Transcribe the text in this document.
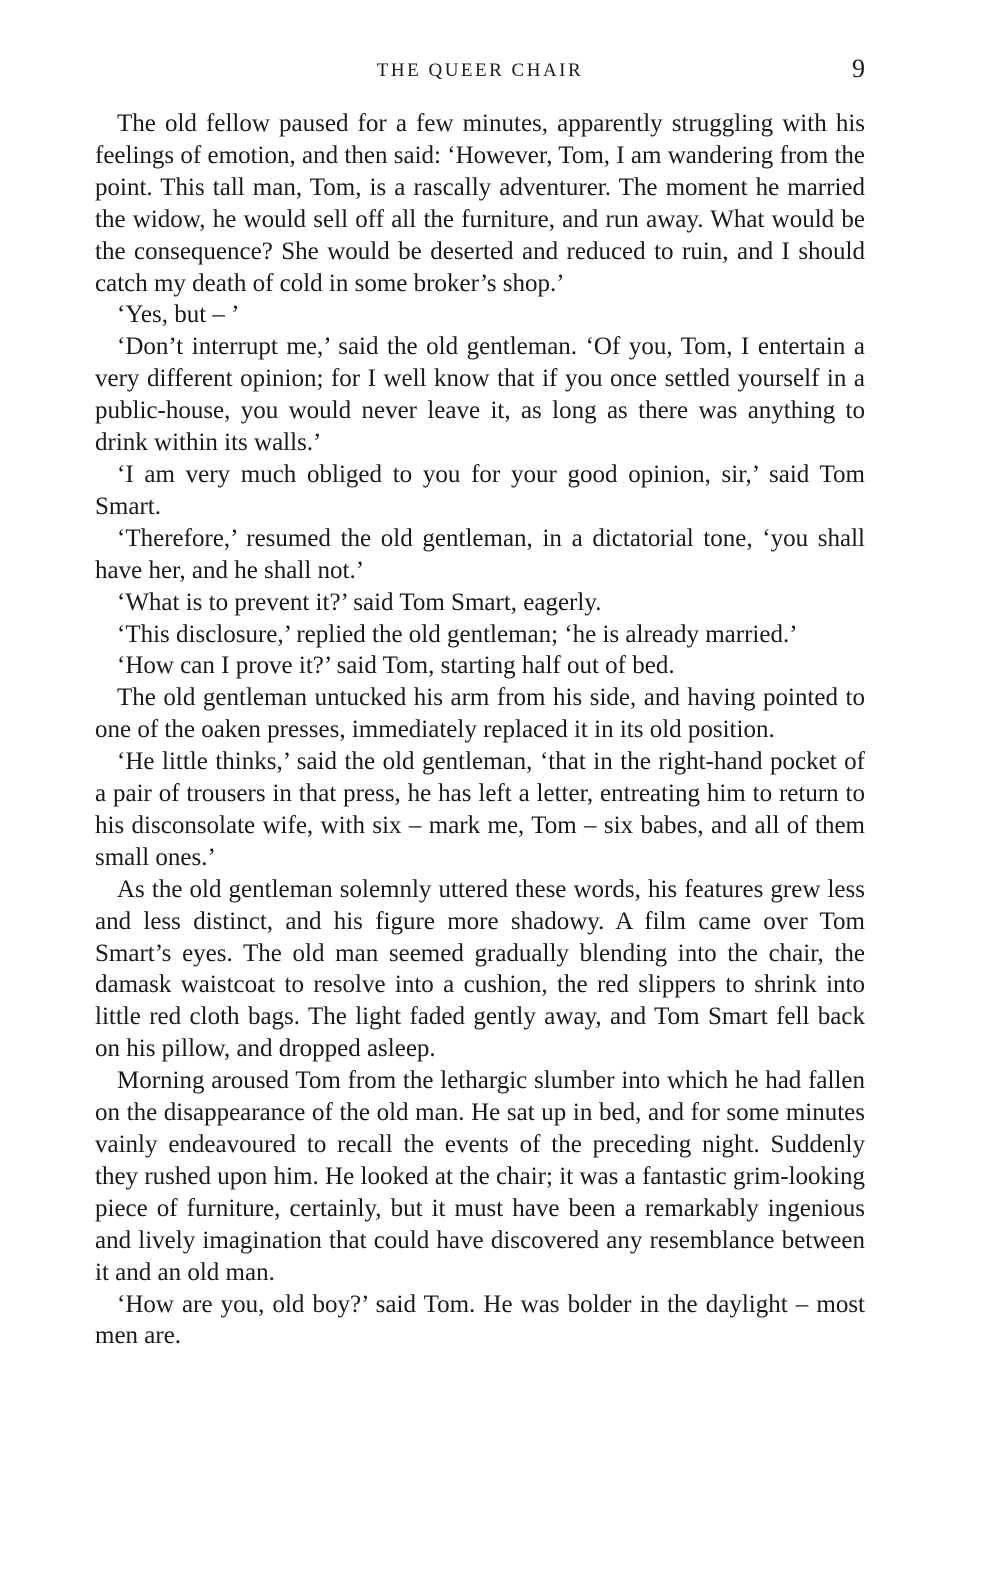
THE QUEER CHAIR	9

The old fellow paused for a few minutes, apparently struggling with his feelings of emotion, and then said: ‘However, Tom, I am wandering from the point. This tall man, Tom, is a rascally adventurer. The moment he married the widow, he would sell off all the furniture, and run away. What would be the consequence? She would be deserted and reduced to ruin, and I should catch my death of cold in some broker’s shop.’

‘Yes, but – ’

‘Don’t interrupt me,’ said the old gentleman. ‘Of you, Tom, I entertain a very different opinion; for I well know that if you once settled yourself in a public-house, you would never leave it, as long as there was anything to drink within its walls.’

‘I am very much obliged to you for your good opinion, sir,’ said Tom Smart.

‘Therefore,’ resumed the old gentleman, in a dictatorial tone, ‘you shall have her, and he shall not.’

‘What is to prevent it?’ said Tom Smart, eagerly.

‘This disclosure,’ replied the old gentleman; ‘he is already married.’

‘How can I prove it?’ said Tom, starting half out of bed.

The old gentleman untucked his arm from his side, and having pointed to one of the oaken presses, immediately replaced it in its old position.

‘He little thinks,’ said the old gentleman, ‘that in the right-hand pocket of a pair of trousers in that press, he has left a letter, entreating him to return to his disconsolate wife, with six – mark me, Tom – six babes, and all of them small ones.’

As the old gentleman solemnly uttered these words, his features grew less and less distinct, and his figure more shadowy. A film came over Tom Smart’s eyes. The old man seemed gradually blending into the chair, the damask waistcoat to resolve into a cushion, the red slippers to shrink into little red cloth bags. The light faded gently away, and Tom Smart fell back on his pillow, and dropped asleep.

Morning aroused Tom from the lethargic slumber into which he had fallen on the disappearance of the old man. He sat up in bed, and for some minutes vainly endeavoured to recall the events of the preceding night. Suddenly they rushed upon him. He looked at the chair; it was a fantastic grim-looking piece of furniture, certainly, but it must have been a remarkably ingenious and lively imagination that could have discovered any resemblance between it and an old man.

‘How are you, old boy?’ said Tom. He was bolder in the daylight – most men are.
